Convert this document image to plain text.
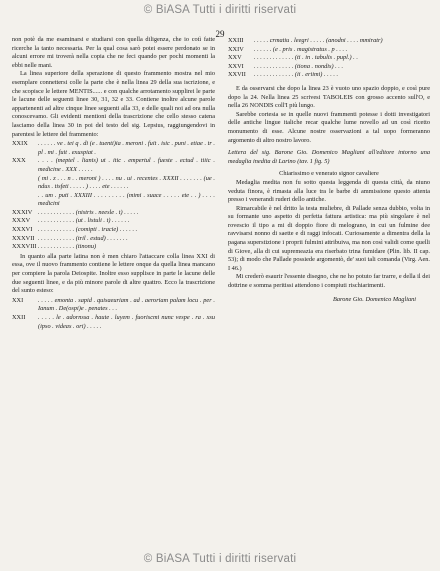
© BiASA Tutti i diritti riservati
29

non potè da me esaminarsi e studiarsi con quella diligenza, che io cotì fatte ricerche la tanto necessaria. Per la qual cosa sarò potei essere perdonato se in alcuni errore mi troverà nella copia che ne feci quando per pochi momenti la ebbi nelle mani.

La linea superiore della sperazione di questo frammento mostra nel mio esemplare connettersi colle la parte che è nella linea 29 della sua iscrizione, e che scopisce le lettere MENTIS...... e con qualche arrotamento supplirei le parte le lacune delle seguenti linee 30, 31, 32 e 33. Contiene inoltre alcune parole appartenenti ad altre cinque linee seguenti alla 33, e delle quali noi ad ora nulla conoscevamo. Gli evidenti mentioni della trascrizione che cello stesso catena lasciamo della linea 30 in poi del testo del sig. Lepsius, raggiungendovi in parentesi le lettere del frammento:

XXIX	. . . . . . ve . tei q . di (e . tuenti)ia . meroni . fuit . isic . puni . etiae . tr . pl . mi . fuit . exuspiat .
XXX	. . . . (meptel . lianis) ut . itic . empertul . fueste . ectud . tiiic . medicine . XXX . . . . .
( mi . z . . . n . . meroni ) . . . . nu . ui . recentes . XXXII . . . . . . . (ue . ndus . tisfeti . . . . . ) . . . . ete . . . . . .
. . um . puti . XXXIII . . . . . . . . . (mimi . suace . . . . . ete . . ) . . . . medicini
XXXIV . . . . . . . . . . . . (nistris . neesle . t) . . . . .
XXXV	. . . . . . . . . . . . (ut . listuli . t) . . . . . .
XXXVI . . . . . . . . . . . . (comipti . iracie) . . . . . .
XXXVII . . . . . . . . . . . . (tril . estud) . . . . . . .
XXXVIII . . . . . . . . . . . . (tinonu)

In quanto alla parte latina non è men chiaro l'attaccare colla linea XXI di essa, ove il nuovo frammento contiene le lettere onque da quella linea mancano per compiere la parola Deiospite. Inoltre esso supplisce in parte le lacune delle due seguenti linee, e da più minore parole di altre quattro. Ecco la trascrizione del sunto esteso:

XXI	. . . . . emonta . sapid . quisaeuriam . ad . aeroriam palam locu . per . Ianum . De(ospi)e . penates . . .
XXII	. . . . . le . adornssa . haute . luyem . fuoriscmi nunc vespe . ra . xsu (ipso . videas . ori) . . . . .
XXIII	. . . . . crmatiu . leegri . . . . . (anodni . . . . mmiratr)
XXIV	. . . . . . (e . pris . magistratus . p . . . .
XXV	. . . . . . . . . . . . . (ti . in . tabulis . pupl.) . .
XXVI	. . . . . . . . . . . . . (tiona . nondis) . . .
XXVII	. . . . . . . . . . . . . (ii . eriimi) . . . . .

E da osservarsi che dopo la linea 23 è vuoto uno spazio doppio, e così pure dopo la 24. Nella linea 25 scrivesi TABOLEIS con grosso accento sull'O, e nella 26 NONDIS coll'I più lungo.

Sarebbe cortesia se in quelle nuovi frammenti potesse i dotti investigatori delle antiche lingue italiche recar qualche lume novello ad un così ricetto monumento di esse. Alcune nostre osservazioni a tal uopo formeranno argomento di altro nostro lavoro.

Lettera del sig. Barone Gio. Domenico Magliani all'editore intorno una medaglia inedita di Larino (tav. 1 fig. 5)

Chiarissimo e venerato signor cavaliere

Medaglia medita non fu sotto questa leggenda di questa città, da niuno veduta finora, è rimasta alla luce tra le barbe di ammissione questo attenta presso i venerandi ruderi dello antiche.

Rimarcabile è nel dritto la testa muliebre, di Pallade senza dubbio, volta in su formante uno aspetto di perfetta fattura artistica: ma più singolare è nel rovescio il tipo a mi di doppio fiore di melograno, in cui un fulmine dee ravvisarsi nonno di saette e di raggi infocati. Curiosamente a dimentra della la pagana superstizione i proprii fulmini attribuiva, ma non così validi come quelli di Giove, alla di cui supremeazia era riserbato trina fumidare (Plin. lib. II cap. 53); di modo che Pallade possiede argomentò, de' suoi tali comanda (Virg. Aen. I 46.)

Mi crederò esaurir l'essente disegno, che ne ho potuto far trarre, e della il dei dottrine e somma peritissi attendono i compiuti rischiarimenti.

Barone Gio. Domenico Magliani

© BiASA Tutti i diritti riservati
